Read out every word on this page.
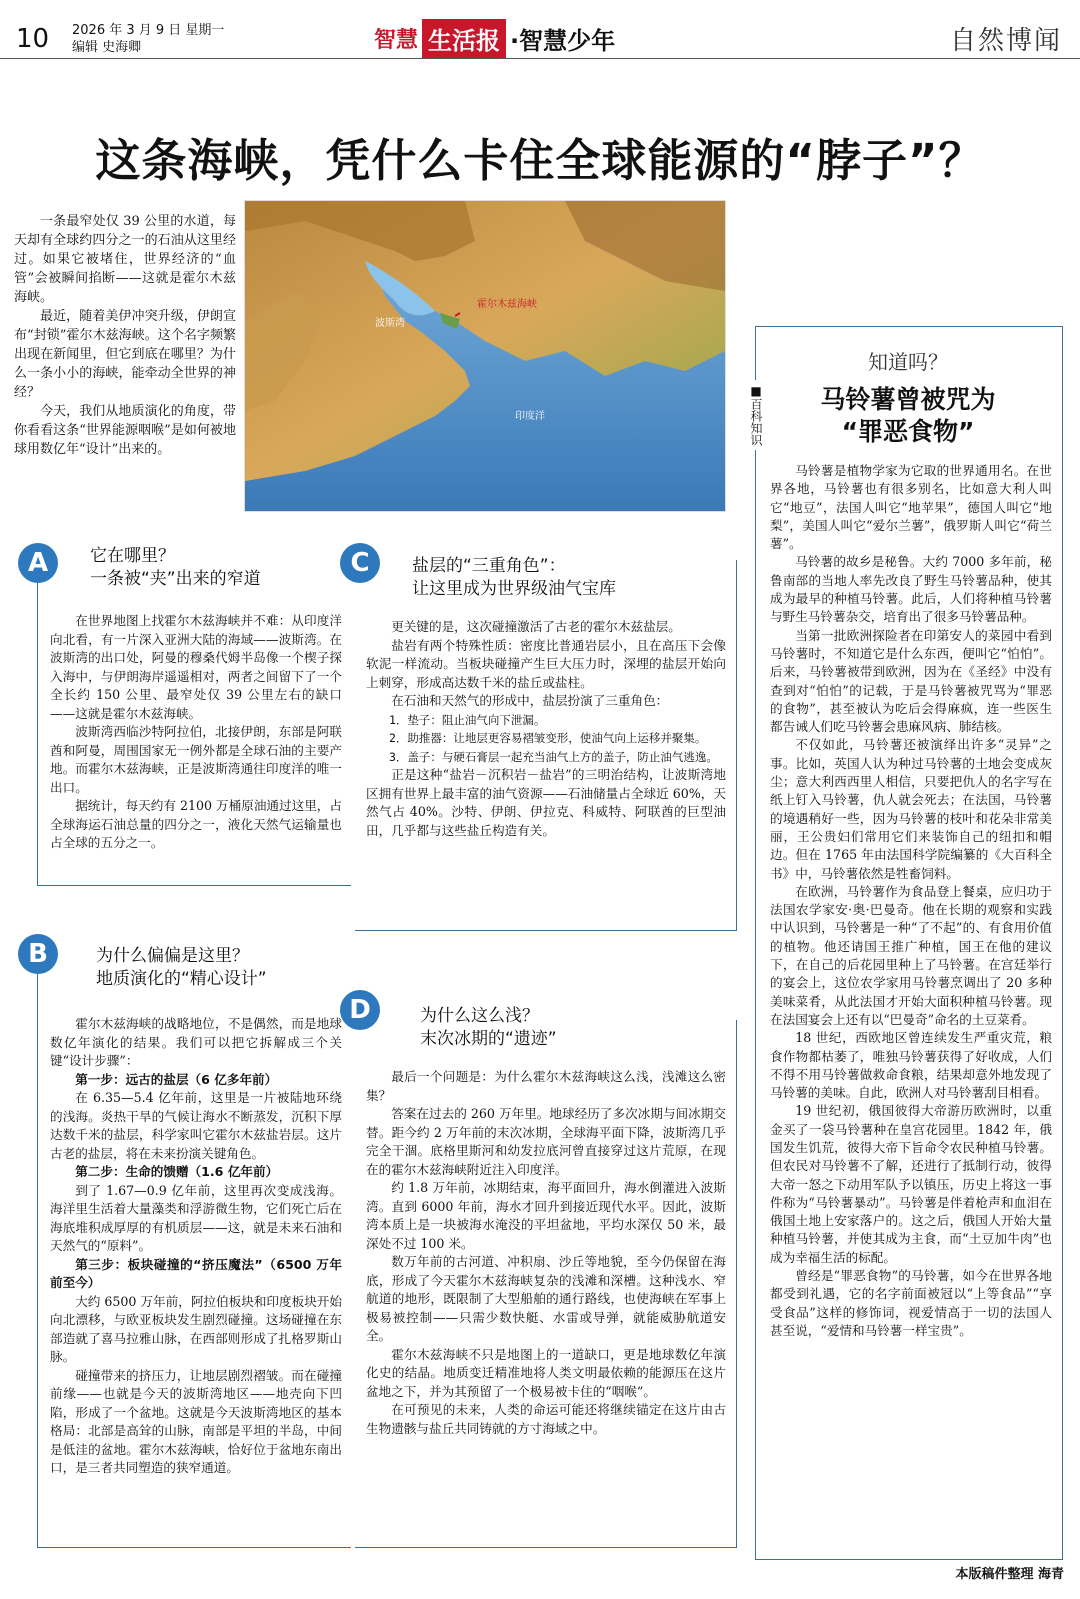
10 2026 年 3 月 9 日 星期一
编辑 史海卿	智慧 生活报 ·智慧少年	自然博闻
这条海峡，凭什么卡住全球能源的“脖子”？

一条最窄处仅 39 公里的水道，每天却有全球约四分之一的石油从这里经过。如果它被堵住，世界经济的“血管”会被瞬间掐断——这就是霍尔木兹海峡。

最近，随着美伊冲突升级，伊朗宣布“封锁”霍尔木兹海峡。这个名字频繁出现在新闻里，但它到底在哪里？为什么一条小小的海峡，能牵动全世界的神经？

今天，我们从地质演化的角度，带你看看这条“世界能源咽喉”是如何被地球用数亿年“设计”出来的。

波斯湾
霍尔木兹海峡
印度洋
A	它在哪里？
一条被“夹”出来的窄道

在世界地图上找霍尔木兹海峡并不难：从印度洋向北看，有一片深入亚洲大陆的海域——波斯湾。在波斯湾的出口处，阿曼的穆桑代姆半岛像一个楔子探入海中，与伊朗海岸遥遥相对，两者之间留下了一个全长约 150 公里、最窄处仅 39 公里左右的缺口——这就是霍尔木兹海峡。

波斯湾西临沙特阿拉伯，北接伊朗，东部是阿联酋和阿曼，周围国家无一例外都是全球石油的主要产地。而霍尔木兹海峡，正是波斯湾通往印度洋的唯一出口。

据统计，每天约有 2100 万桶原油通过这里，占全球海运石油总量的四分之一，液化天然气运输量也占全球的五分之一。

B	为什么偏偏是这里？
地质演化的“精心设计”

霍尔木兹海峡的战略地位，不是偶然，而是地球数亿年演化的结果。我们可以把它拆解成三个关键“设计步骤”：

第一步：远古的盐层（6 亿多年前）

在 6.35—5.4 亿年前，这里是一片被陆地环绕的浅海。炎热干旱的气候让海水不断蒸发，沉积下厚达数千米的盐层，科学家叫它霍尔木兹盐岩层。这片古老的盐层，将在未来扮演关键角色。

第二步：生命的馈赠（1.6 亿年前）

到了 1.67—0.9 亿年前，这里再次变成浅海。海洋里生活着大量藻类和浮游微生物，它们死亡后在海底堆积成厚厚的有机质层——这，就是未来石油和天然气的“原料”。

第三步：板块碰撞的“挤压魔法”（6500 万年前至今）

大约 6500 万年前，阿拉伯板块和印度板块开始向北漂移，与欧亚板块发生剧烈碰撞。这场碰撞在东部造就了喜马拉雅山脉，在西部则形成了扎格罗斯山脉。

碰撞带来的挤压力，让地层剧烈褶皱。而在碰撞前缘——也就是今天的波斯湾地区——地壳向下凹陷，形成了一个盆地。这就是今天波斯湾地区的基本格局：北部是高耸的山脉，南部是平坦的半岛，中间是低洼的盆地。霍尔木兹海峡，恰好位于盆地东南出口，是三者共同塑造的狭窄通道。

C	盐层的“三重角色”：
让这里成为世界级油气宝库

更关键的是，这次碰撞激活了古老的霍尔木兹盐层。

盐岩有两个特殊性质：密度比普通岩层小，且在高压下会像软泥一样流动。当板块碰撞产生巨大压力时，深埋的盐层开始向上刺穿，形成高达数千米的盐丘或盐柱。

在石油和天然气的形成中，盐层扮演了三重角色：

1．垫子：阻止油气向下泄漏。

2．助推器：让地层更容易褶皱变形，使油气向上运移并聚集。

3．盖子：与硬石膏层一起充当油气上方的盖子，防止油气逃逸。

正是这种“盐岩－沉积岩－盐岩”的三明治结构，让波斯湾地区拥有世界上最丰富的油气资源——石油储量占全球近 60%，天然气占 40%。沙特、伊朗、伊拉克、科威特、阿联酋的巨型油田，几乎都与这些盐丘构造有关。

D	为什么这么浅？
末次冰期的“遗迹”

最后一个问题是：为什么霍尔木兹海峡这么浅，浅滩这么密集？

答案在过去的 260 万年里。地球经历了多次冰期与间冰期交替。距今约 2 万年前的末次冰期，全球海平面下降，波斯湾几乎完全干涸。底格里斯河和幼发拉底河曾直接穿过这片荒原，在现在的霍尔木兹海峡附近注入印度洋。

约 1.8 万年前，冰期结束，海平面回升，海水倒灌进入波斯湾。直到 6000 年前，海水才回升到接近现代水平。因此，波斯湾本质上是一块被海水淹没的平坦盆地，平均水深仅 50 米，最深处不过 100 米。

数万年前的古河道、冲积扇、沙丘等地貌，至今仍保留在海底，形成了今天霍尔木兹海峡复杂的浅滩和深槽。这种浅水、窄航道的地形，既限制了大型船舶的通行路线，也使海峡在军事上极易被控制——只需少数快艇、水雷或导弹，就能威胁航道安全。

霍尔木兹海峡不只是地图上的一道缺口，更是地球数亿年演化史的结晶。地质变迁精准地将人类文明最依赖的能源压在这片盆地之下，并为其预留了一个极易被卡住的“咽喉”。

在可预见的未来，人类的命运可能还将继续锚定在这片由古生物遗骸与盐丘共同铸就的方寸海域之中。

■百科知识
知道吗？
马铃薯曾被咒为
“罪恶食物”

马铃薯是植物学家为它取的世界通用名。在世界各地，马铃薯也有很多别名，比如意大利人叫它“地豆”，法国人叫它“地苹果”，德国人叫它“地梨”，美国人叫它“爱尔兰薯”，俄罗斯人叫它“荷兰薯”。

马铃薯的故乡是秘鲁。大约 7000 多年前，秘鲁南部的当地人率先改良了野生马铃薯品种，使其成为最早的种植马铃薯。此后，人们将种植马铃薯与野生马铃薯杂交，培育出了很多马铃薯品种。

当第一批欧洲探险者在印第安人的菜园中看到马铃薯时，不知道它是什么东西，便叫它“怕怕”。后来，马铃薯被带到欧洲，因为在《圣经》中没有查到对“怕怕”的记载，于是马铃薯被咒骂为“罪恶的食物”，甚至被认为吃后会得麻疯，连一些医生都告诫人们吃马铃薯会患麻风病、肺结核。

不仅如此，马铃薯还被演绎出许多“灵异”之事。比如，英国人认为种过马铃薯的土地会变成灰尘；意大利西西里人相信，只要把仇人的名字写在纸上钉入马铃薯，仇人就会死去；在法国，马铃薯的境遇稍好一些，因为马铃薯的枝叶和花朵非常美丽，王公贵妇们常用它们来装饰自己的纽扣和帽边。但在 1765 年由法国科学院编纂的《大百科全书》中，马铃薯依然是牲畜饲料。

在欧洲，马铃薯作为食品登上餐桌，应归功于法国农学家安·奥·巴曼奇。他在长期的观察和实践中认识到，马铃薯是一种“了不起”的、有食用价值的植物。他还请国王推广种植，国王在他的建议下，在自己的后花园里种上了马铃薯。在宫廷举行的宴会上，这位农学家用马铃薯烹调出了 20 多种美味菜肴，从此法国才开始大面积种植马铃薯。现在法国宴会上还有以“巴曼奇”命名的土豆菜肴。

18 世纪，西欧地区曾连续发生严重灾荒，粮食作物都枯萎了，唯独马铃薯获得了好收成，人们不得不用马铃薯做救命食粮，结果却意外地发现了马铃薯的美味。自此，欧洲人对马铃薯刮目相看。

19 世纪初，俄国彼得大帝游历欧洲时，以重金买了一袋马铃薯种在皇宫花园里。1842 年，俄国发生饥荒，彼得大帝下旨命令农民种植马铃薯。但农民对马铃薯不了解，还进行了抵制行动，彼得大帝一怒之下动用军队予以镇压，历史上将这一事件称为“马铃薯暴动”。马铃薯是伴着枪声和血泪在俄国土地上安家落户的。这之后，俄国人开始大量种植马铃薯，并使其成为主食，而“土豆加牛肉”也成为幸福生活的标配。

曾经是“罪恶食物”的马铃薯，如今在世界各地都受到礼遇，它的名字前面被冠以“上等食品”“享受食品”这样的修饰词，视爱情高于一切的法国人甚至说，“爱情和马铃薯一样宝贵”。

本版稿件整理 海青
